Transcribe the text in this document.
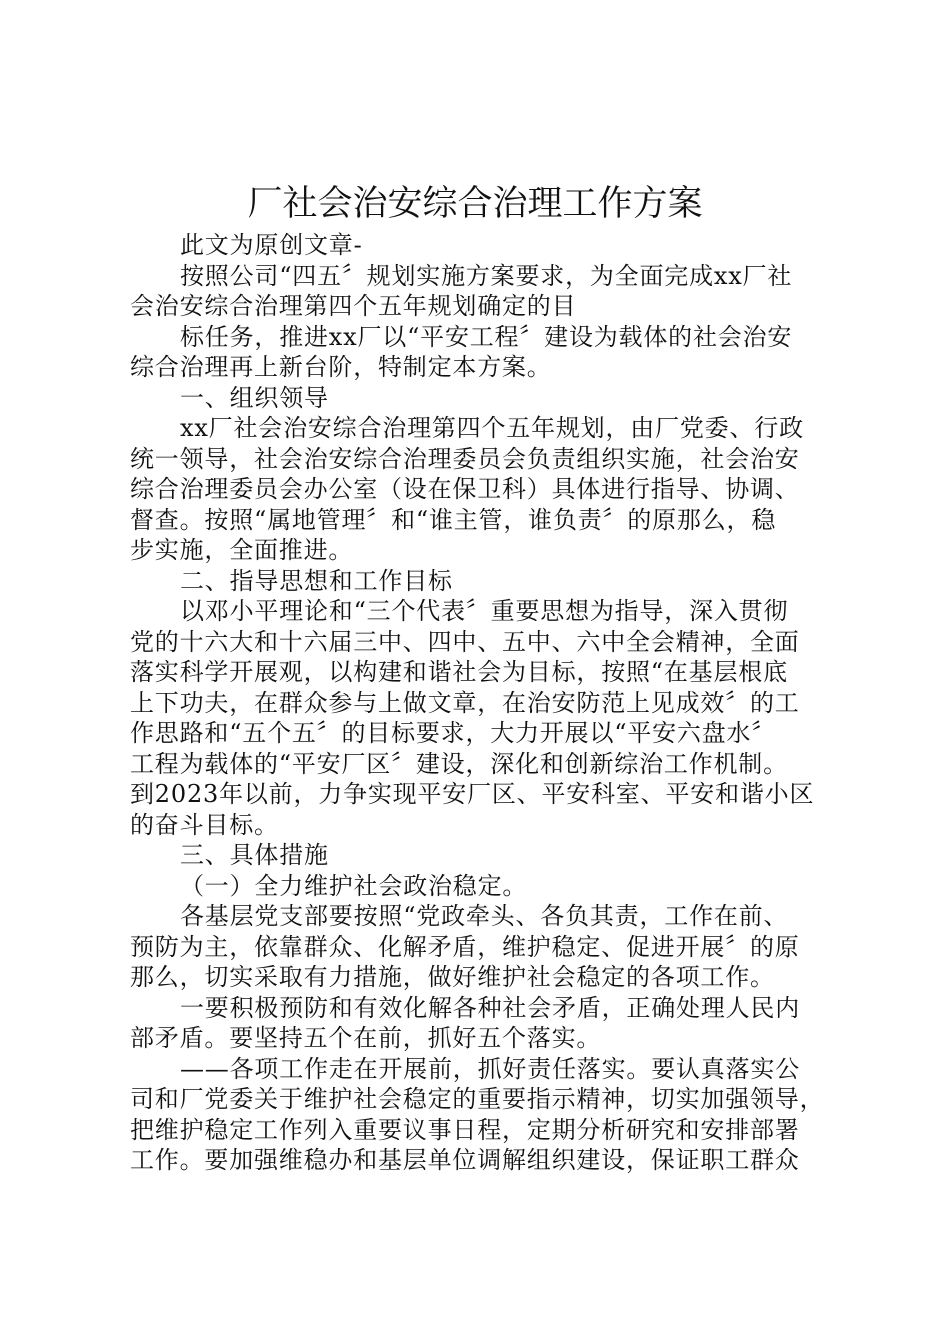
厂社会治安综合治理工作方案
此文为原创文章-
按照公司“四五〞规划实施方案要求，为全面完成xx厂社
会治安综合治理第四个五年规划确定的目
标任务，推进xx厂以“平安工程〞建设为载体的社会治安
综合治理再上新台阶，特制定本方案。
一、组织领导
xx厂社会治安综合治理第四个五年规划，由厂党委、行政
统一领导，社会治安综合治理委员会负责组织实施，社会治安
综合治理委员会办公室（设在保卫科）具体进行指导、协调、
督查。按照“属地管理〞和“谁主管，谁负责〞的原那么，稳
步实施，全面推进。
二、指导思想和工作目标
以邓小平理论和“三个代表〞重要思想为指导，深入贯彻
党的十六大和十六届三中、四中、五中、六中全会精神，全面
落实科学开展观，以构建和谐社会为目标，按照“在基层根底
上下功夫，在群众参与上做文章，在治安防范上见成效〞的工
作思路和“五个五〞的目标要求，大力开展以“平安六盘水〞
工程为载体的“平安厂区〞建设，深化和创新综治工作机制。
到2023年以前，力争实现平安厂区、平安科室、平安和谐小区
的奋斗目标。
三、具体措施
（一）全力维护社会政治稳定。
各基层党支部要按照“党政牵头、各负其责，工作在前、
预防为主，依靠群众、化解矛盾，维护稳定、促进开展〞的原
那么，切实采取有力措施，做好维护社会稳定的各项工作。
一要积极预防和有效化解各种社会矛盾，正确处理人民内
部矛盾。要坚持五个在前，抓好五个落实。
——各项工作走在开展前，抓好责任落实。要认真落实公
司和厂党委关于维护社会稳定的重要指示精神，切实加强领导，
把维护稳定工作列入重要议事日程，定期分析研究和安排部署
工作。要加强维稳办和基层单位调解组织建设，保证职工群众
